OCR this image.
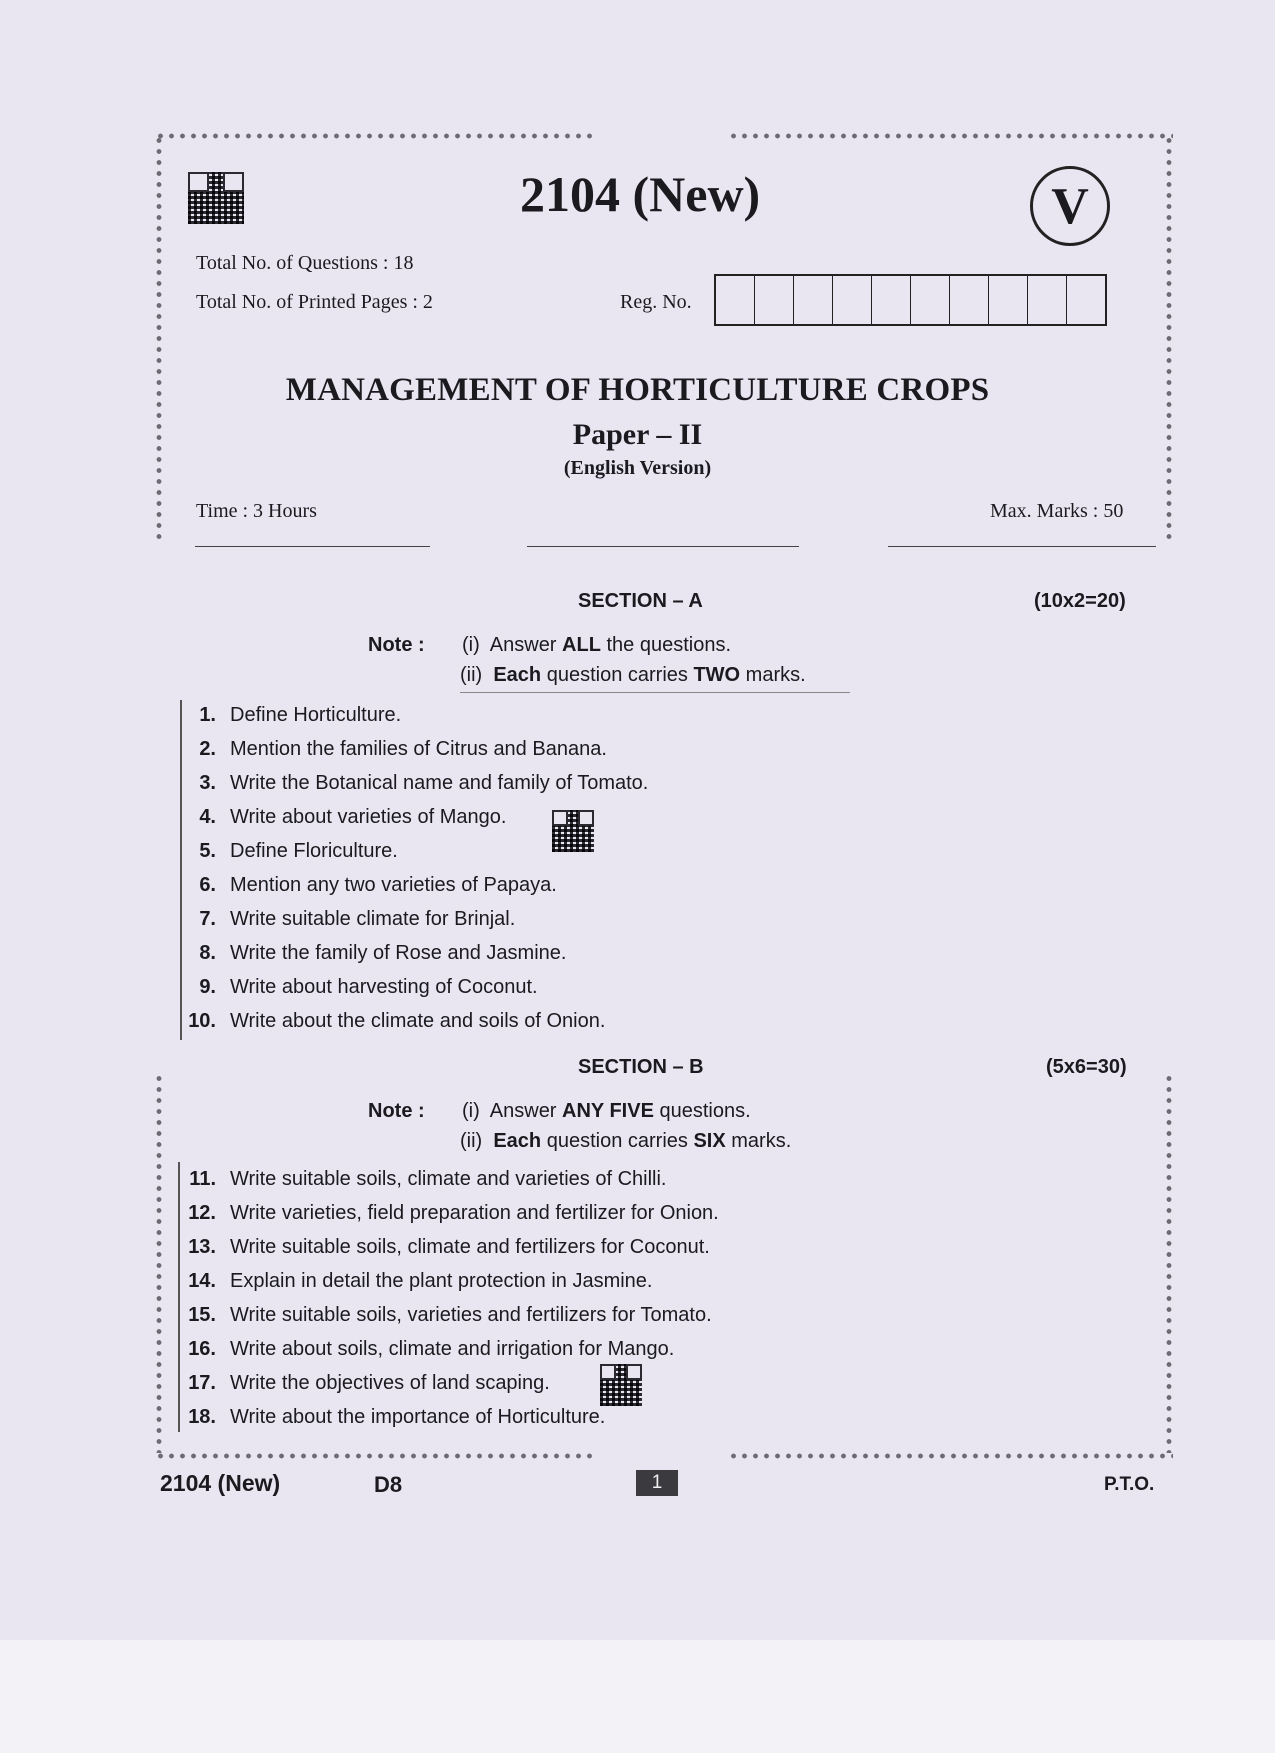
2104 (New)	V
Total No. of Questions : 18
Total No. of Printed Pages : 2	Reg. No.
MANAGEMENT OF HORTICULTURE CROPS
Paper – II
(English Version)
Time : 3 Hours	Max. Marks : 50
SECTION – A	(10x2=20)
Note : (i) Answer ALL the questions.
(ii) Each question carries TWO marks.
1. Define Horticulture.
2. Mention the families of Citrus and Banana.
3. Write the Botanical name and family of Tomato.
4. Write about varieties of Mango.
5. Define Floriculture.
6. Mention any two varieties of Papaya.
7. Write suitable climate for Brinjal.
8. Write the family of Rose and Jasmine.
9. Write about harvesting of Coconut.
10. Write about the climate and soils of Onion.
SECTION – B	(5x6=30)
Note : (i) Answer ANY FIVE questions.
(ii) Each question carries SIX marks.
11. Write suitable soils, climate and varieties of Chilli.
12. Write varieties, field preparation and fertilizer for Onion.
13. Write suitable soils, climate and fertilizers for Coconut.
14. Explain in detail the plant protection in Jasmine.
15. Write suitable soils, varieties and fertilizers for Tomato.
16. Write about soils, climate and irrigation for Mango.
17. Write the objectives of land scaping.
18. Write about the importance of Horticulture.
2104 (New)	D8	1	P.T.O.
